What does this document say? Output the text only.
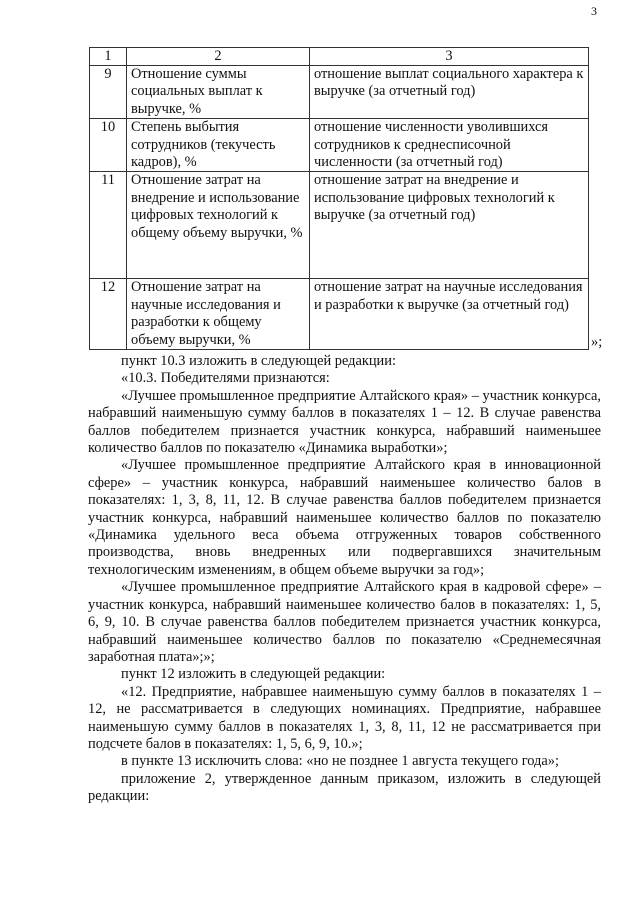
3
1	2	3
9	Отношение суммы социальных выплат к выручке, %	отношение выплат социального характера к выручке (за отчетный год)
10	Степень выбытия сотрудников (текучесть кадров), %	отношение численности уволившихся сотрудников к среднесписочной численности (за отчетный год)
11	Отношение затрат на внедрение и использование цифровых технологий к общему объему выручки, %	отношение затрат на внедрение и использование цифровых технологий к выручке (за отчетный год)
12	Отношение затрат на научные исследования и разработки к общему объему выручки, %	отношение затрат на научные исследования и разработки к выручке (за отчетный год)
»;

пункт 10.3 изложить в следующей редакции:

«10.3. Победителями признаются:

«Лучшее промышленное предприятие Алтайского края» – участник конкурса, набравший наименьшую сумму баллов в показателях 1 – 12. В случае равенства баллов победителем признается участник конкурса, набравший наименьшее количество баллов по показателю «Динамика выработки»;

«Лучшее промышленное предприятие Алтайского края в инновационной сфере» – участник конкурса, набравший наименьшее количество балов в показателях: 1, 3, 8, 11, 12. В случае равенства баллов победителем признается участник конкурса, набравший наименьшее количество баллов по показателю «Динамика удельного веса объема отгруженных товаров собственного производства, вновь внедренных или подвергавшихся значительным технологическим изменениям, в общем объеме выручки за год»;

«Лучшее промышленное предприятие Алтайского края в кадровой сфере» – участник конкурса, набравший наименьшее количество балов в показателях: 1, 5, 6, 9, 10. В случае равенства баллов победителем признается участник конкурса, набравший наименьшее количество баллов по показателю «Среднемесячная заработная плата»;»;

пункт 12 изложить в следующей редакции:

«12. Предприятие, набравшее наименьшую сумму баллов в показателях 1 – 12, не рассматривается в следующих номинациях. Предприятие, набравшее наименьшую сумму баллов в показателях 1, 3, 8, 11, 12 не рассматривается при подсчете балов в показателях: 1, 5, 6, 9, 10.»;

в пункте 13 исключить слова: «но не позднее 1 августа текущего года»;

приложение 2, утвержденное данным приказом, изложить в следующей редакции:
